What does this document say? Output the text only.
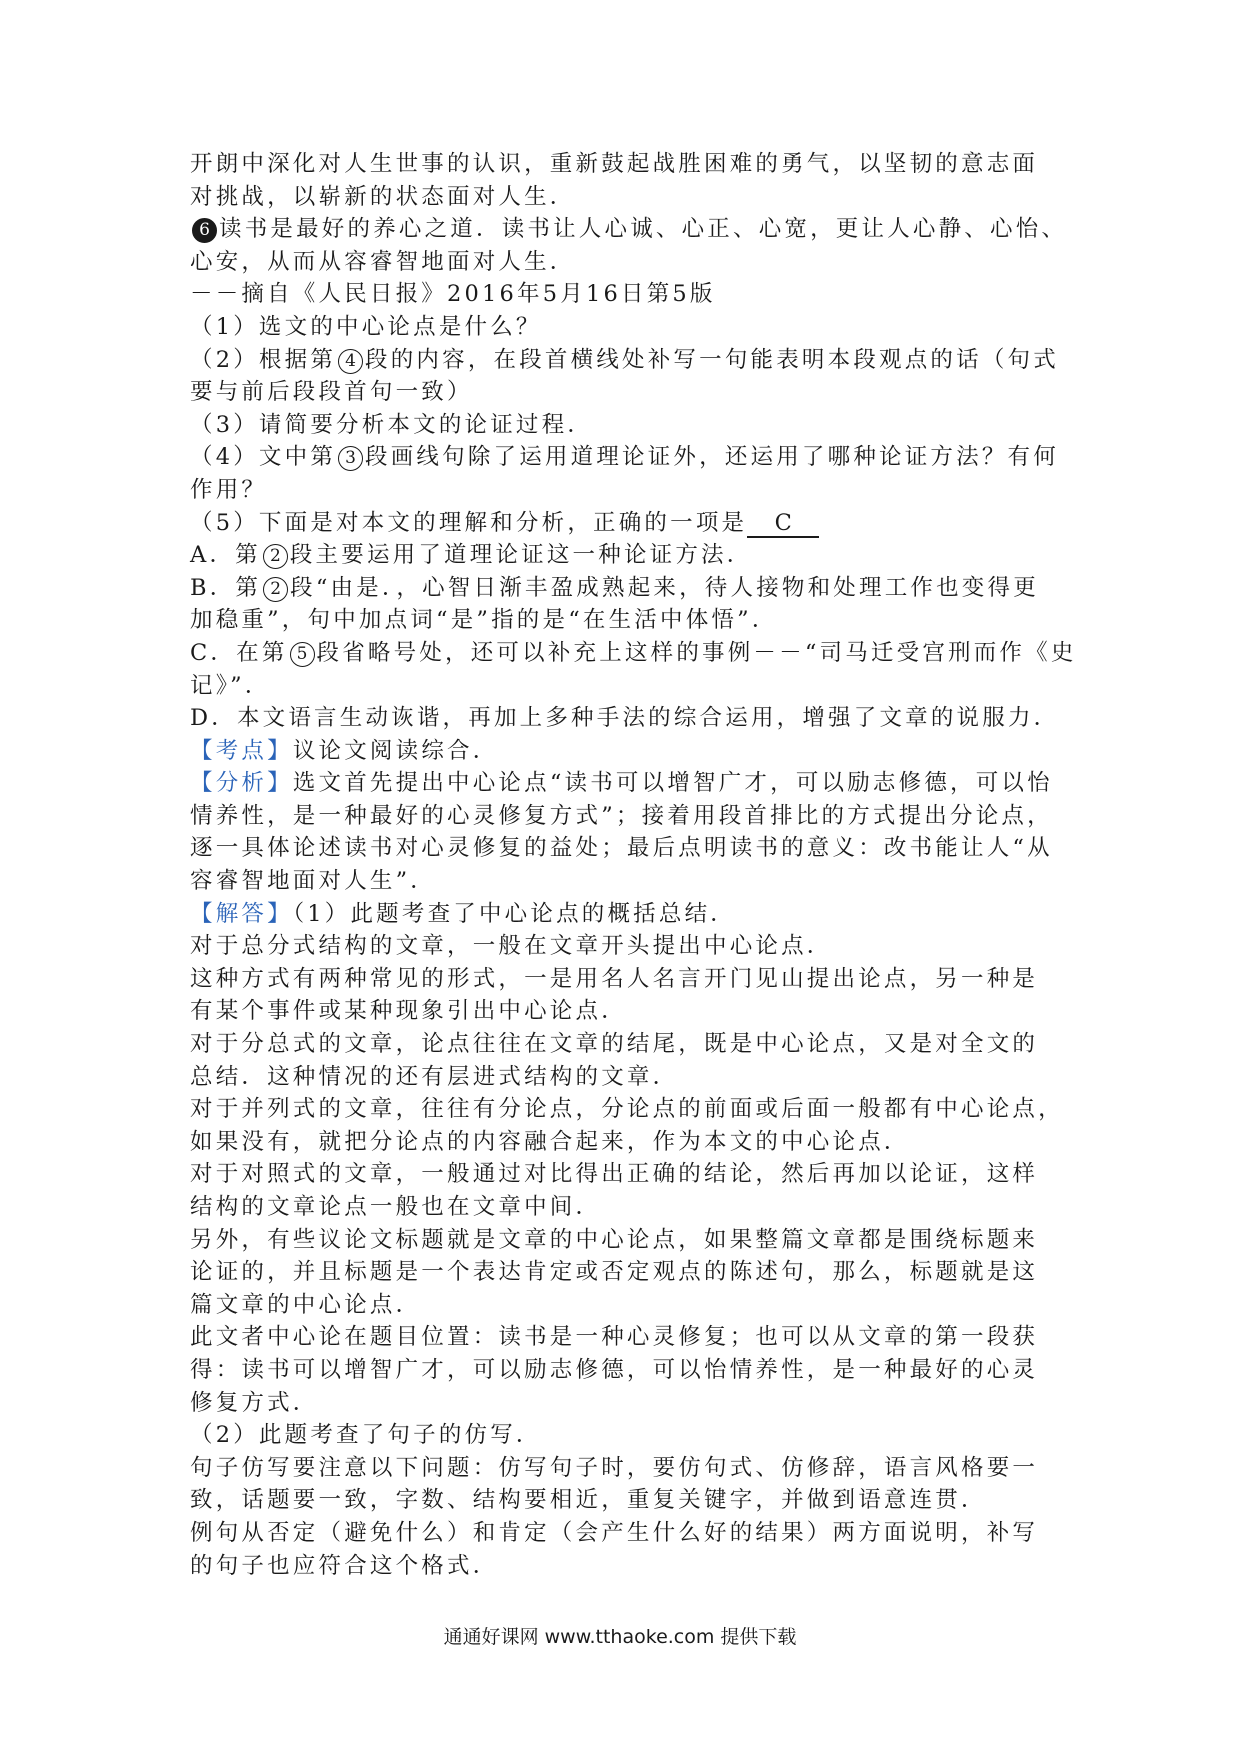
开朗中深化对人生世事的认识，重新鼓起战胜困难的勇气，以坚韧的意志面
对挑战，以崭新的状态面对人生．
6 读书是最好的养心之道．读书让人心诚、心正、心宽，更让人心静、心怡、
心安，从而从容睿智地面对人生．
－－摘自《人民日报》2016年5月16日第5版
（1）选文的中心论点是什么？
（2）根据第 4 段的内容，在段首横线处补写一句能表明本段观点的话（句式
要与前后段段首句一致）
（3）请简要分析本文的论证过程．
（4）文中第 3 段画线句除了运用道理论证外，还运用了哪种论证方法？有何
作用？
（5）下面是对本文的理解和分析，正确的一项是 C
A．第 2 段主要运用了道理论证这一种论证方法．
B．第 2 段“由是．，心智日渐丰盈成熟起来，待人接物和处理工作也变得更
加稳重”，句中加点词“是”指的是“在生活中体悟”．
C．在第 5 段省略号处，还可以补充上这样的事例－－“司马迁受宫刑而作《史
记》”．
D．本文语言生动诙谐，再加上多种手法的综合运用，增强了文章的说服力．
【考点】议论文阅读综合．
【分析】选文首先提出中心论点“读书可以增智广才，可以励志修德，可以怡
情养性，是一种最好的心灵修复方式”；接着用段首排比的方式提出分论点，
逐一具体论述读书对心灵修复的益处；最后点明读书的意义：改书能让人“从
容睿智地面对人生”．
【解答】（1）此题考查了中心论点的概括总结．
对于总分式结构的文章，一般在文章开头提出中心论点．
这种方式有两种常见的形式，一是用名人名言开门见山提出论点，另一种是
有某个事件或某种现象引出中心论点．
对于分总式的文章，论点往往在文章的结尾，既是中心论点，又是对全文的
总结．这种情况的还有层进式结构的文章．
对于并列式的文章，往往有分论点，分论点的前面或后面一般都有中心论点，
如果没有，就把分论点的内容融合起来，作为本文的中心论点．
对于对照式的文章，一般通过对比得出正确的结论，然后再加以论证，这样
结构的文章论点一般也在文章中间．
另外，有些议论文标题就是文章的中心论点，如果整篇文章都是围绕标题来
论证的，并且标题是一个表达肯定或否定观点的陈述句，那么，标题就是这
篇文章的中心论点．
此文者中心论在题目位置：读书是一种心灵修复；也可以从文章的第一段获
得：读书可以增智广才，可以励志修德，可以怡情养性，是一种最好的心灵
修复方式．
（2）此题考查了句子的仿写．
句子仿写要注意以下问题：仿写句子时，要仿句式、仿修辞，语言风格要一
致，话题要一致，字数、结构要相近，重复关键字，并做到语意连贯．
例句从否定（避免什么）和肯定（会产生什么好的结果）两方面说明，补写
的句子也应符合这个格式．
通通好课网 www.tthaoke.com 提供下载
